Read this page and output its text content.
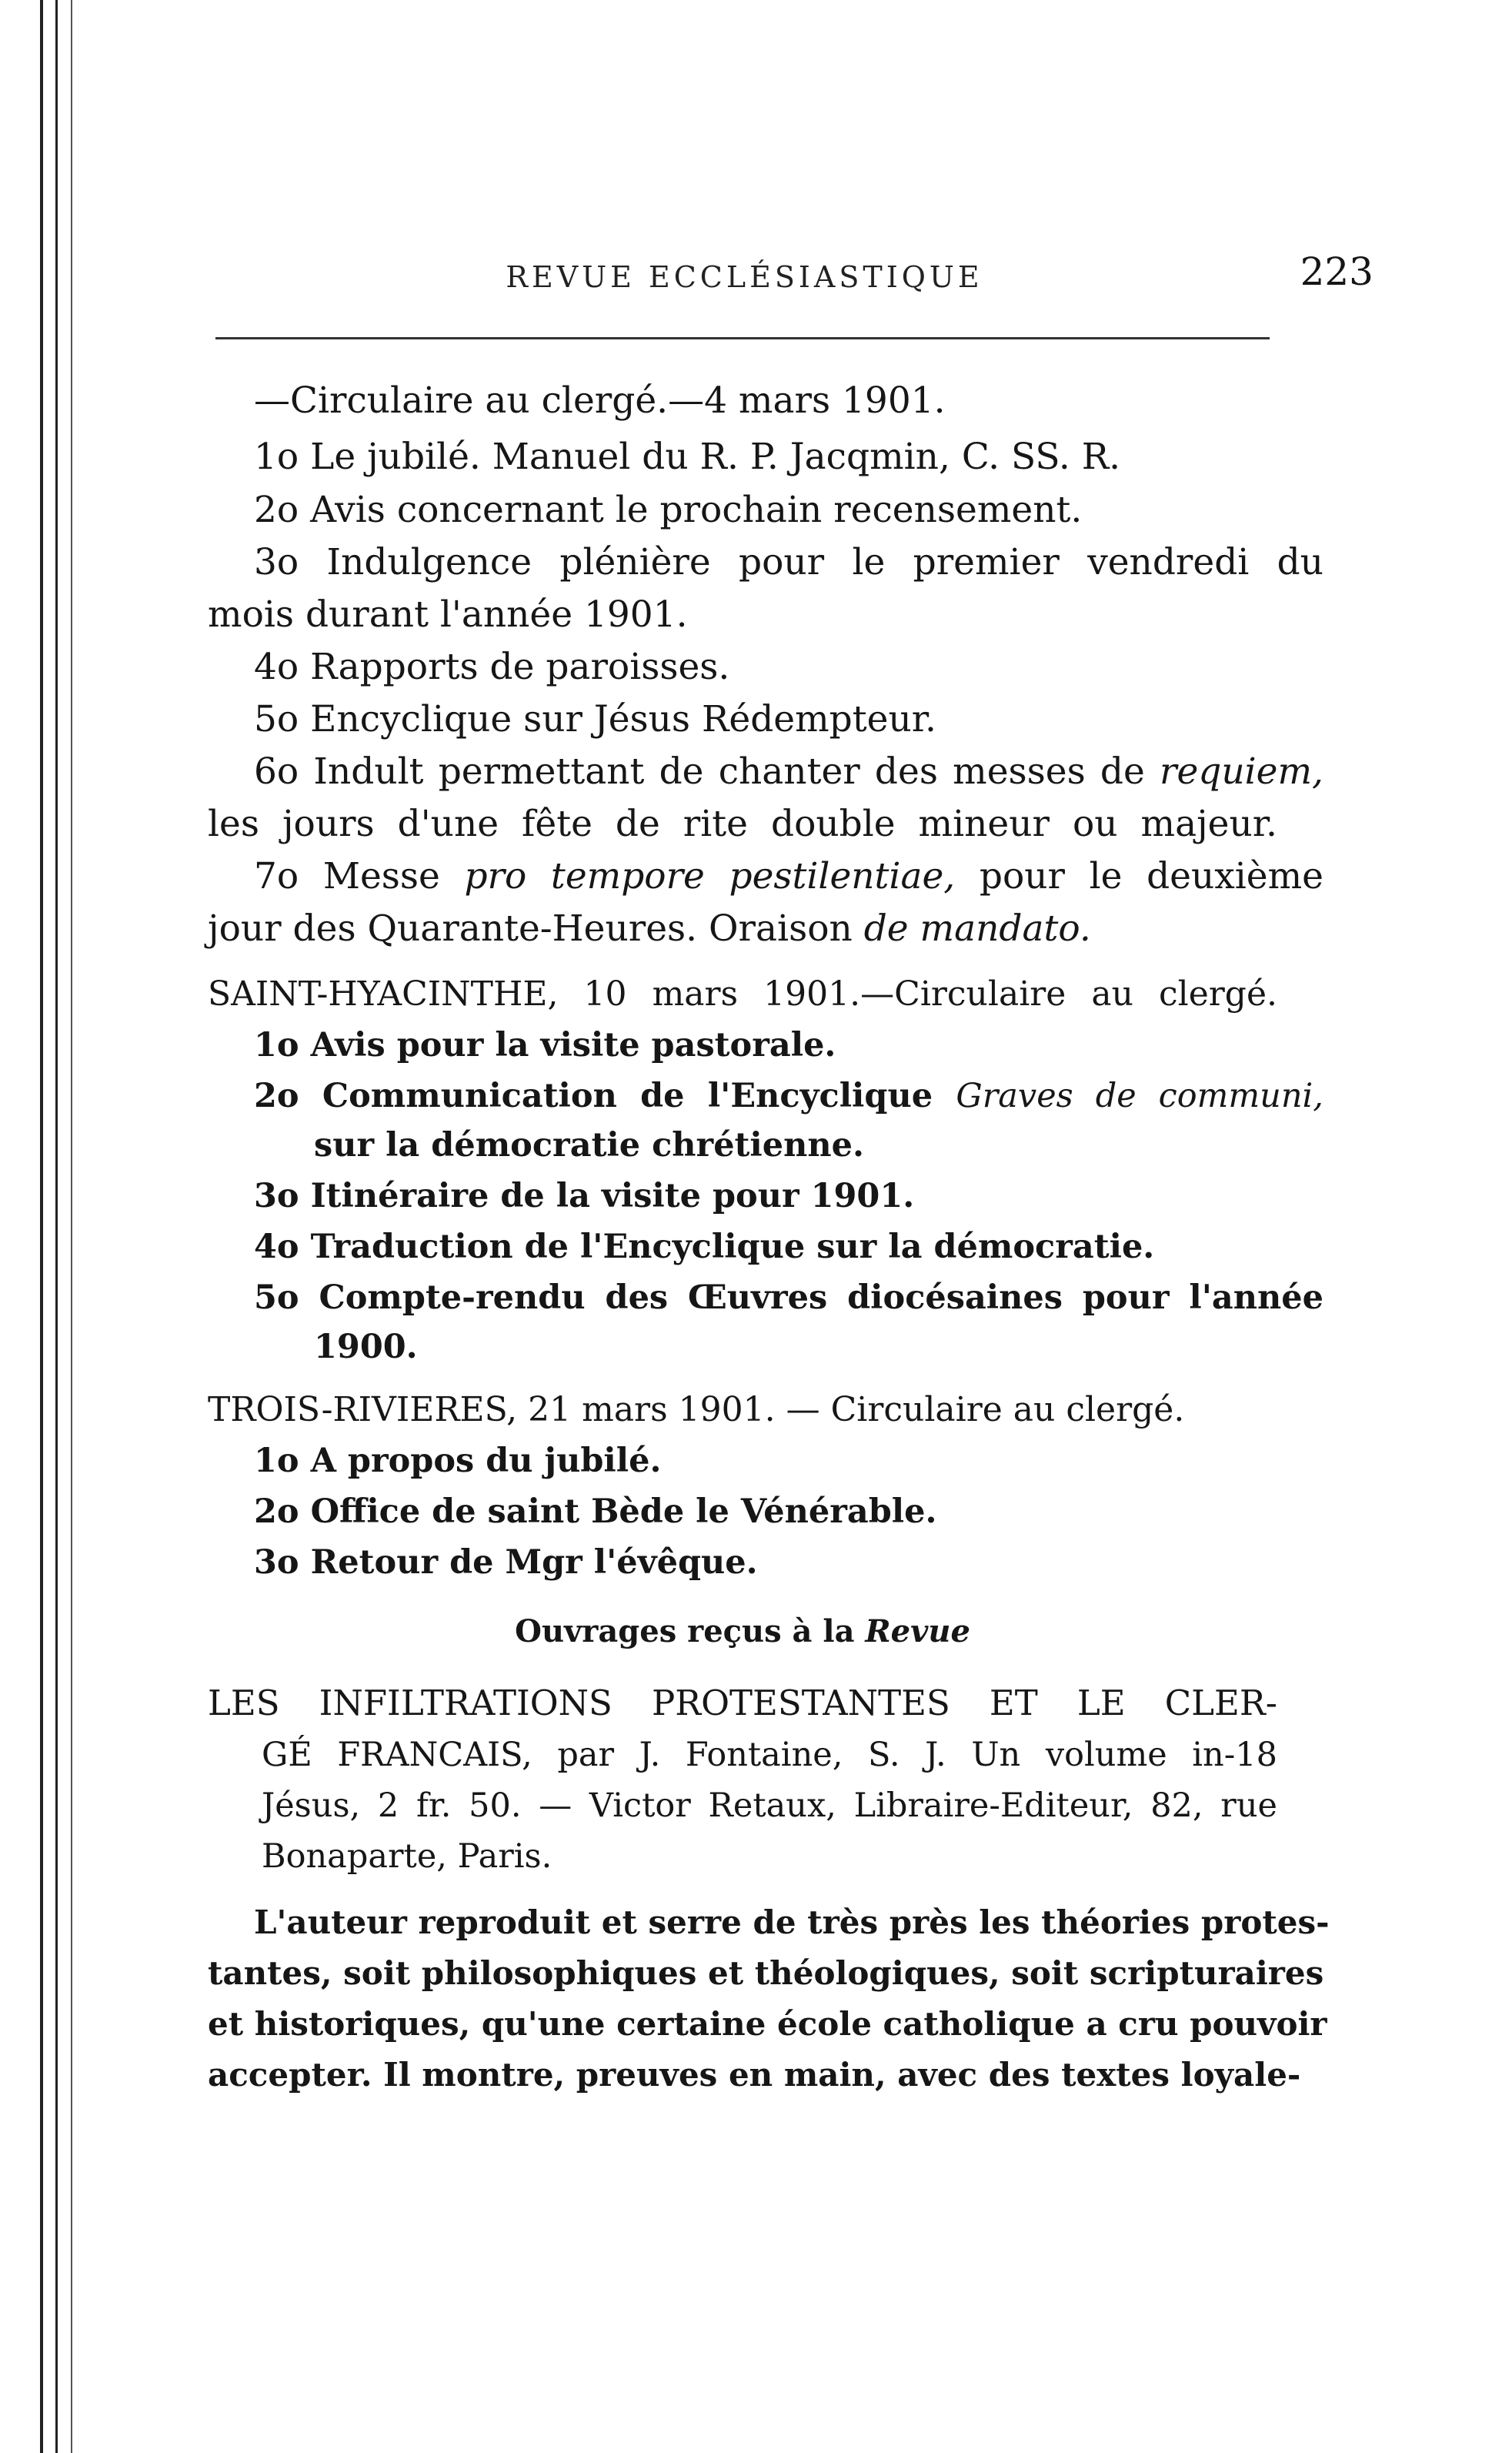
REVUE ECCLÉSIASTIQUE	223
—Circulaire au clergé.—4 mars 1901.
1o Le jubilé. Manuel du R. P. Jacqmin, C. SS. R.
2o Avis concernant le prochain recensement.
3o Indulgence plénière pour le premier vendredi du
mois durant l'année 1901.
4o Rapports de paroisses.
5o Encyclique sur Jésus Rédempteur.
6o Indult permettant de chanter des messes de requiem,
les jours d'une fête de rite double mineur ou majeur.
7o Messe pro tempore pestilentiae, pour le deuxième
jour des Quarante-Heures. Oraison de mandato.
SAINT-HYACINTHE, 10 mars 1901.—Circulaire au clergé.
1o Avis pour la visite pastorale.
2o Communication de l'Encyclique Graves de communi,
sur la démocratie chrétienne.
3o Itinéraire de la visite pour 1901.
4o Traduction de l'Encyclique sur la démocratie.
5o Compte-rendu des Œuvres diocésaines pour l'année
1900.
TROIS-RIVIERES, 21 mars 1901. — Circulaire au clergé.
1o A propos du jubilé.
2o Office de saint Bède le Vénérable.
3o Retour de Mgr l'évêque.
Ouvrages reçus à la Revue
LES INFILTRATIONS PROTESTANTES ET LE CLER-
GÉ FRANCAIS, par J. Fontaine, S. J. Un volume in-18
Jésus, 2 fr. 50. — Victor Retaux, Libraire-Editeur, 82, rue
Bonaparte, Paris.
L'auteur reproduit et serre de très près les théories protes-
tantes, soit philosophiques et théologiques, soit scripturaires
et historiques, qu'une certaine école catholique a cru pouvoir
accepter. Il montre, preuves en main, avec des textes loyale-
